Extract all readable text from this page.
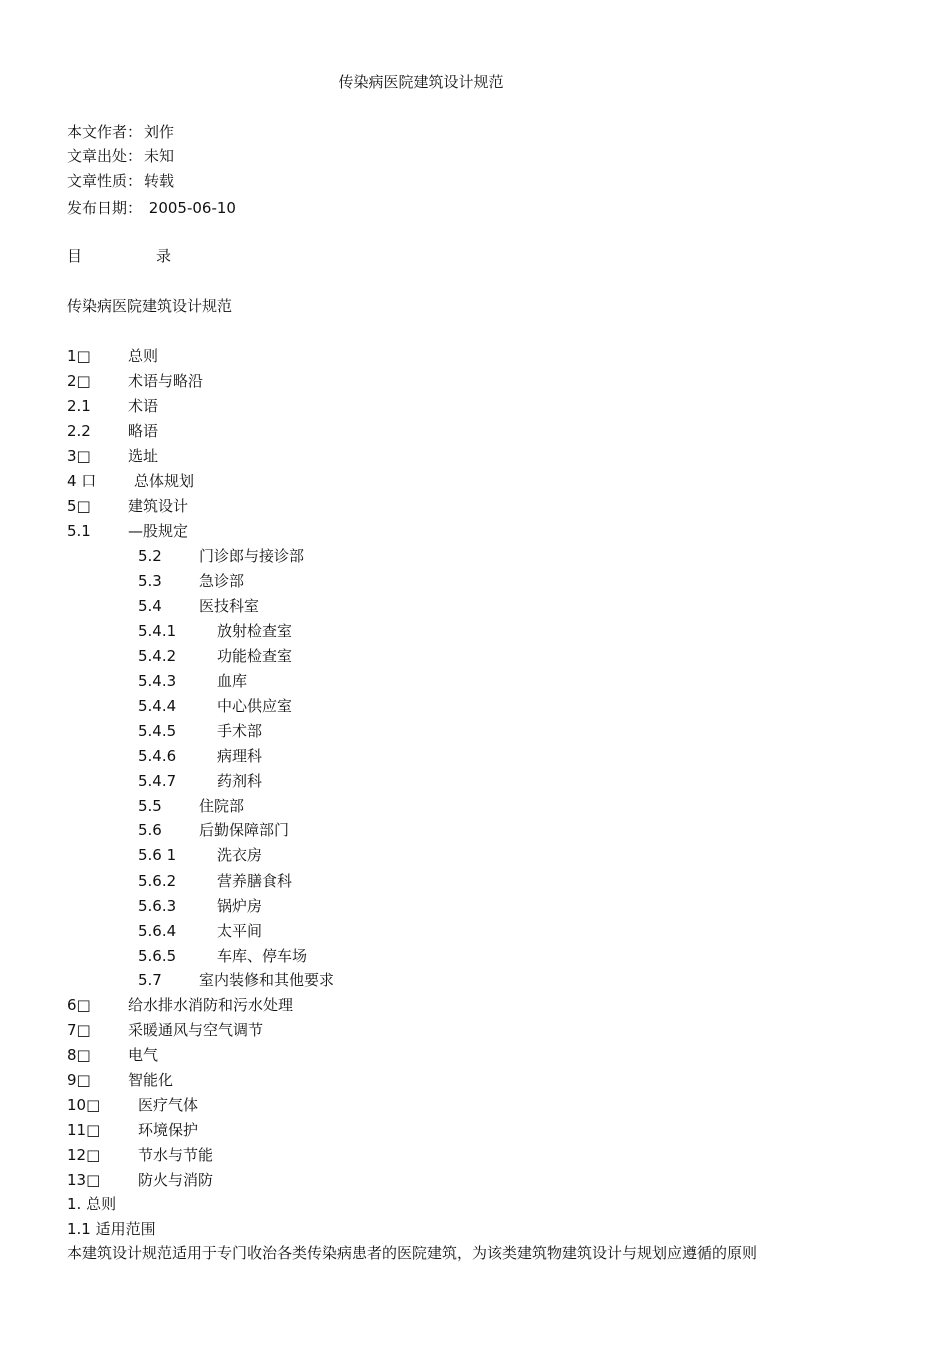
传染病医院建筑设计规范
本文作者： 刘作
文章出处： 未知
文章性质： 转载
发布日期： 2005-06-10
目	录
传染病医院建筑设计规范
1□ 总则
2□ 术语与略沿
2.1 术语
2.2 略语
3□ 选址
4 口	总体规划
5□ 建筑设计
5.1 —股规定
5.2 门诊郎与接诊部
5.3 急诊部
5.4 医技科室
5.4.1	放射检查室
5.4.2	功能检查室
5.4.3	血库
5.4.4	中心供应室
5.4.5	手术部
5.4.6	病理科
5.4.7	药剂科
5.5 住院部
5.6 后勤保障部门
5.6 1	洗衣房
5.6.2	营养膳食科
5.6.3	锅炉房
5.6.4	太平间
5.6.5	车库、停车场
5.7 室内装修和其他要求
6□ 给水排水消防和污水处理
7□ 采暖通风与空气调节
8□ 电气
9□ 智能化
10□	医疗气体
11□	环境保护
12□	节水与节能
13□	防火与消防
1. 总则
1.1 适用范围
本建筑设计规范适用于专门收治各类传染病患者的医院建筑，为该类建筑物建筑设计与规划应遵循的原则
